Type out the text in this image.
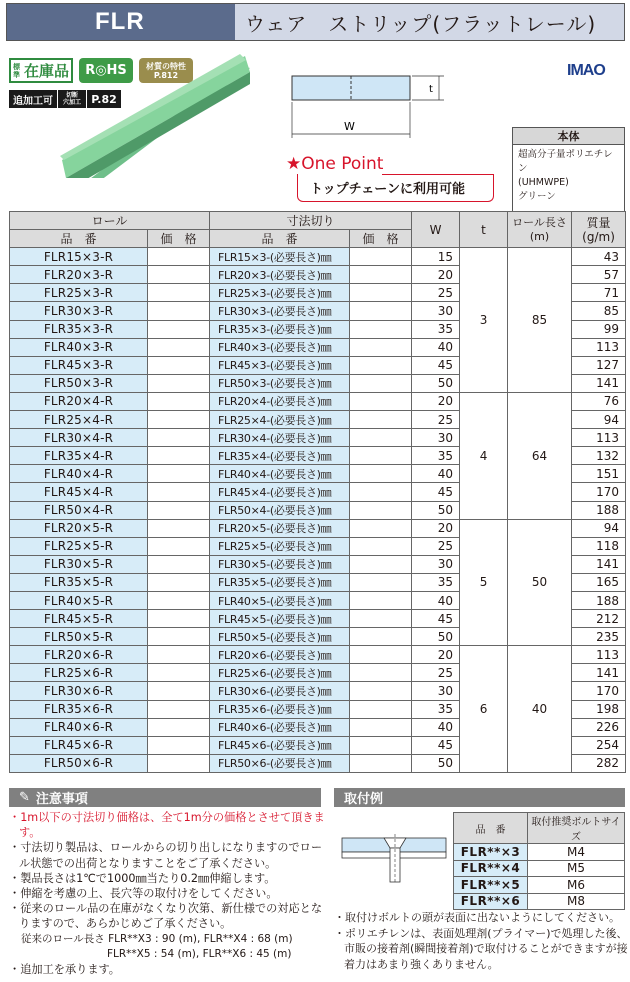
FLR	ウェア　ストリップ(フラットレール)
標準 在庫品	R◎HS	材質の特性
P.812
追加工可	切断
穴加工 P.82
W
t
IMAO
★One Point
トップチェーンに利用可能
本体
超高分子量ポリエチレン
(UHMWPE)
グリーン
ロール		寸法切り		W	t	ロール長さ
(m)	質量
(g/m)
品　番	価　格	品　番	価　格				
FLR15×3-R		FLR15×3-(必要長さ)㎜		15	3	85	43
FLR20×3-R		FLR20×3-(必要長さ)㎜		20			57
FLR25×3-R		FLR25×3-(必要長さ)㎜		25			71
FLR30×3-R		FLR30×3-(必要長さ)㎜		30			85
FLR35×3-R		FLR35×3-(必要長さ)㎜		35			99
FLR40×3-R		FLR40×3-(必要長さ)㎜		40			113
FLR45×3-R		FLR45×3-(必要長さ)㎜		45			127
FLR50×3-R		FLR50×3-(必要長さ)㎜		50			141
FLR20×4-R		FLR20×4-(必要長さ)㎜		20	4	64	76
FLR25×4-R		FLR25×4-(必要長さ)㎜		25			94
FLR30×4-R		FLR30×4-(必要長さ)㎜		30			113
FLR35×4-R		FLR35×4-(必要長さ)㎜		35			132
FLR40×4-R		FLR40×4-(必要長さ)㎜		40			151
FLR45×4-R		FLR45×4-(必要長さ)㎜		45			170
FLR50×4-R		FLR50×4-(必要長さ)㎜		50			188
FLR20×5-R		FLR20×5-(必要長さ)㎜		20	5	50	94
FLR25×5-R		FLR25×5-(必要長さ)㎜		25			118
FLR30×5-R		FLR30×5-(必要長さ)㎜		30			141
FLR35×5-R		FLR35×5-(必要長さ)㎜		35			165
FLR40×5-R		FLR40×5-(必要長さ)㎜		40			188
FLR45×5-R		FLR45×5-(必要長さ)㎜		45			212
FLR50×5-R		FLR50×5-(必要長さ)㎜		50			235
FLR20×6-R		FLR20×6-(必要長さ)㎜		20	6	40	113
FLR25×6-R		FLR25×6-(必要長さ)㎜		25			141
FLR30×6-R		FLR30×6-(必要長さ)㎜		30			170
FLR35×6-R		FLR35×6-(必要長さ)㎜		35			198
FLR40×6-R		FLR40×6-(必要長さ)㎜		40			226
FLR45×6-R		FLR45×6-(必要長さ)㎜		45			254
FLR50×6-R		FLR50×6-(必要長さ)㎜		50			282
✎ 注意事項
・1m以下の寸法切り価格は、全て1m分の価格とさせて頂きます。
・寸法切り製品は、ロールからの切り出しになりますのでロール状態での出荷となりますことをご了承ください。
・製品長さは1℃で1000㎜当たり0.2㎜伸縮します。
・伸縮を考慮の上、長穴等の取付けをしてください。
・従来のロール品の在庫がなくなり次第、新仕様での対応となりますので、あらかじめご了承ください。
従来のロール長さ FLR**X3 : 90 (m), FLR**X4 : 68 (m)
FLR**X5 : 54 (m), FLR**X6 : 45 (m)
・追加工を承ります。
取付例
品　番	取付推奨ボルトサイズ
FLR**×3	M4
FLR**×4	M5
FLR**×5	M6
FLR**×6	M8
・取付けボルトの頭が表面に出ないようにしてください。
・ポリエチレンは、表面処理剤(プライマー)で処理した後、市販の接着剤(瞬間接着剤)で取付けることができますが接着力はあまり強くありません。
